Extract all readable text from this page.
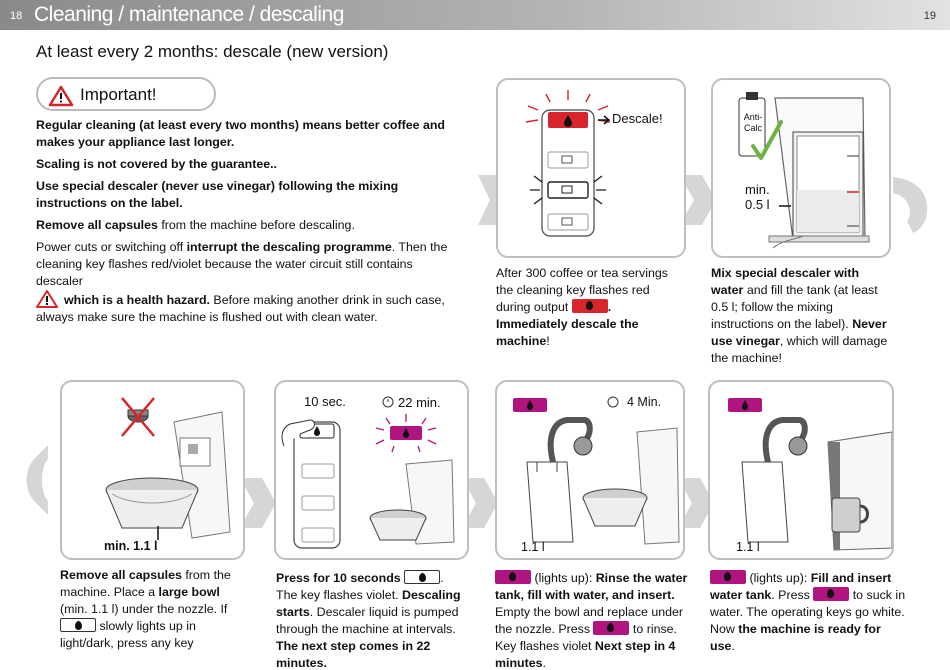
18 Cleaning / maintenance / descaling	19
At least every 2 months: descale (new version)
Important!

Regular cleaning (at least every two months) means better coffee and makes your appliance last longer.

Scaling is not covered by the guarantee..

Use special descaler (never use vinegar) following the mixing instructions on the label.

Remove all capsules from the machine before descaling.

Power cuts or switching off interrupt the descaling programme. Then the cleaning key flashes red/violet because the water circuit still contains descaler
which is a health hazard. Before making another drink in such case, always make sure the machine is flushed out with clean water.

Descale!
After 300 coffee or tea servings the cleaning key flashes red during output	. Immediately descale the machine!
Anti-Calc
min. 0.5 l
Mix special descaler with water and fill the tank (at least 0.5 l; follow the mixing instructions on the label). Never use vinegar, which will damage the machine!
min. 1.1 l
Remove all capsules from the machine. Place a large bowl (min. 1.1 l) under the nozzle. If
slowly lights up in light/dark, press any key
10 sec.	22 min.
Press for 10 seconds	. The key flashes violet. Descaling starts. Descaler liquid is pumped through the machine at intervals. The next step comes in 22 minutes.
4 Min.
1.1 l
(lights up): Rinse the water tank, fill with water, and insert. Empty the bowl and replace under the nozzle. Press	to rinse. Key flashes violet Next step in 4 minutes.
1.1 l
(lights up): Fill and insert water tank. Press	to suck in water. The operating keys go white. Now the machine is ready for use.
